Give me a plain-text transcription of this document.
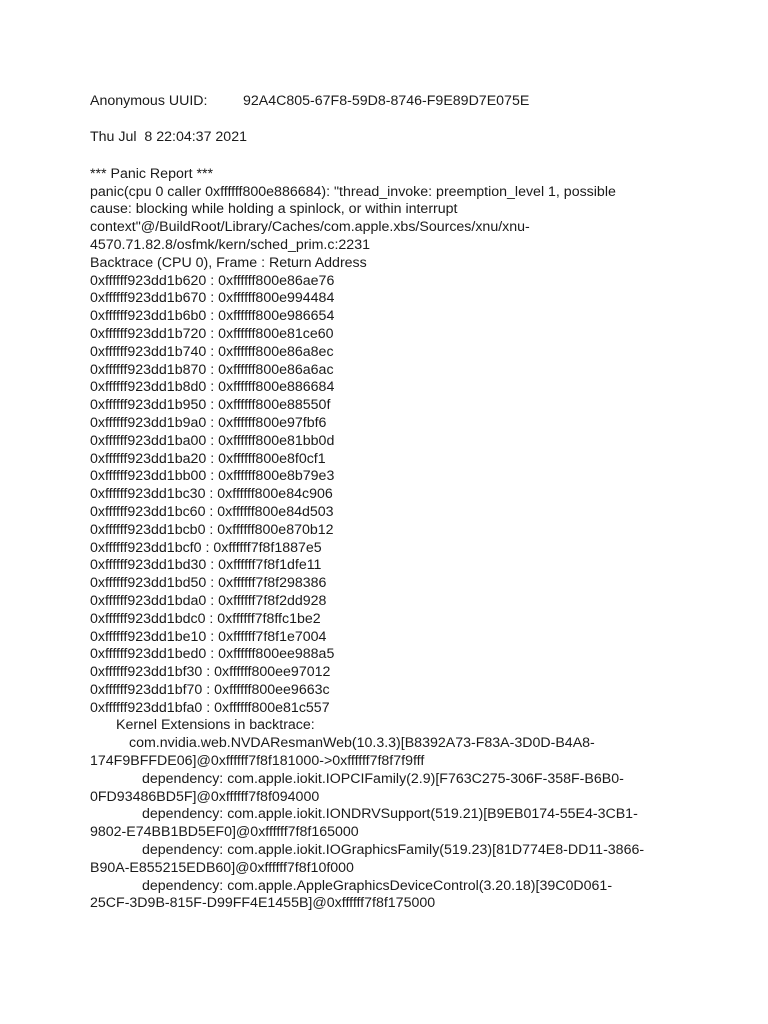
Anonymous UUID:	92A4C805-67F8-59D8-8746-F9E89D7E075E
Thu Jul  8 22:04:37 2021
*** Panic Report ***
panic(cpu 0 caller 0xffffff800e886684): "thread_invoke: preemption_level 1, possible
cause: blocking while holding a spinlock, or within interrupt
context"@/BuildRoot/Library/Caches/com.apple.xbs/Sources/xnu/xnu-
4570.71.82.8/osfmk/kern/sched_prim.c:2231
Backtrace (CPU 0), Frame : Return Address
0xffffff923dd1b620 : 0xffffff800e86ae76
0xffffff923dd1b670 : 0xffffff800e994484
0xffffff923dd1b6b0 : 0xffffff800e986654
0xffffff923dd1b720 : 0xffffff800e81ce60
0xffffff923dd1b740 : 0xffffff800e86a8ec
0xffffff923dd1b870 : 0xffffff800e86a6ac
0xffffff923dd1b8d0 : 0xffffff800e886684
0xffffff923dd1b950 : 0xffffff800e88550f
0xffffff923dd1b9a0 : 0xffffff800e97fbf6
0xffffff923dd1ba00 : 0xffffff800e81bb0d
0xffffff923dd1ba20 : 0xffffff800e8f0cf1
0xffffff923dd1bb00 : 0xffffff800e8b79e3
0xffffff923dd1bc30 : 0xffffff800e84c906
0xffffff923dd1bc60 : 0xffffff800e84d503
0xffffff923dd1bcb0 : 0xffffff800e870b12
0xffffff923dd1bcf0 : 0xffffff7f8f1887e5
0xffffff923dd1bd30 : 0xffffff7f8f1dfe11
0xffffff923dd1bd50 : 0xffffff7f8f298386
0xffffff923dd1bda0 : 0xffffff7f8f2dd928
0xffffff923dd1bdc0 : 0xffffff7f8ffc1be2
0xffffff923dd1be10 : 0xffffff7f8f1e7004
0xffffff923dd1bed0 : 0xffffff800ee988a5
0xffffff923dd1bf30 : 0xffffff800ee97012
0xffffff923dd1bf70 : 0xffffff800ee9663c
0xffffff923dd1bfa0 : 0xffffff800e81c557
Kernel Extensions in backtrace:
com.nvidia.web.NVDAResmanWeb(10.3.3)[B8392A73-F83A-3D0D-B4A8-
174F9BFFDE06]@0xffffff7f8f181000->0xffffff7f8f7f9fff
dependency: com.apple.iokit.IOPCIFamily(2.9)[F763C275-306F-358F-B6B0-
0FD93486BD5F]@0xffffff7f8f094000
dependency: com.apple.iokit.IONDRVSupport(519.21)[B9EB0174-55E4-3CB1-
9802-E74BB1BD5EF0]@0xffffff7f8f165000
dependency: com.apple.iokit.IOGraphicsFamily(519.23)[81D774E8-DD11-3866-
B90A-E855215EDB60]@0xffffff7f8f10f000
dependency: com.apple.AppleGraphicsDeviceControl(3.20.18)[39C0D061-
25CF-3D9B-815F-D99FF4E1455B]@0xffffff7f8f175000
